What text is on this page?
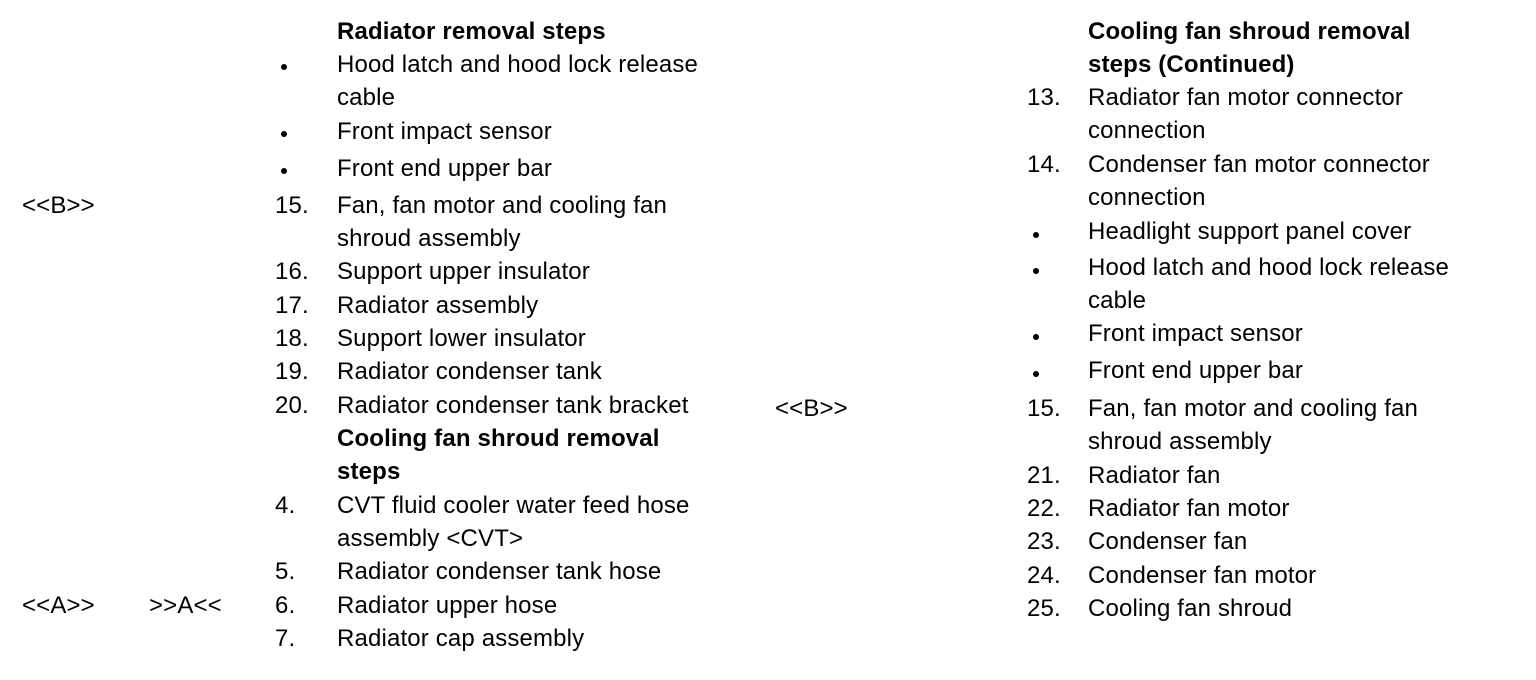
Radiator removal steps
Hood latch and hood lock release
cable
Front impact sensor
Front end upper bar
<<B>>	15. Fan, fan motor and cooling fan
shroud assembly
16. Support upper insulator
17. Radiator assembly
18. Support lower insulator
19. Radiator condenser tank
20. Radiator condenser tank bracket
Cooling fan shroud removal
steps
4. CVT fluid cooler water feed hose
assembly <CVT>
5. Radiator condenser tank hose
<<A>> >>A<< 6. Radiator upper hose
7. Radiator cap assembly
Cooling fan shroud removal
steps (Continued)
13. Radiator fan motor connector
connection
14. Condenser fan motor connector
connection
Headlight support panel cover
Hood latch and hood lock release
cable
Front impact sensor
Front end upper bar
<<B>>	15. Fan, fan motor and cooling fan
shroud assembly
21. Radiator fan
22. Radiator fan motor
23. Condenser fan
24. Condenser fan motor
25. Cooling fan shroud
